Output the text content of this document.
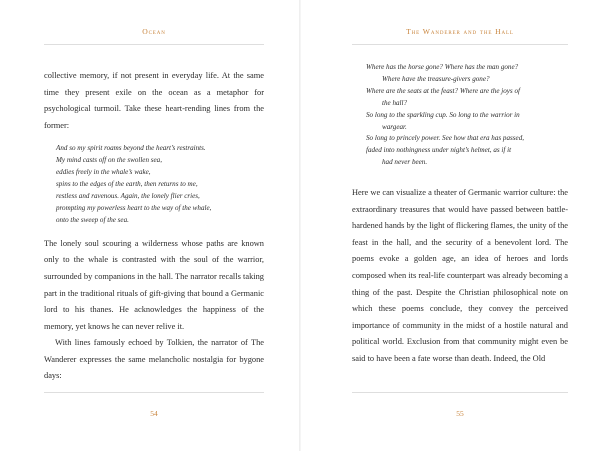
Ocean

collective memory, if not present in everyday life. At the same time they present exile on the ocean as a metaphor for psychological turmoil. Take these heart-rending lines from the former:

And so my spirit roams beyond the heart’s restraints.
My mind casts off on the swollen sea,
eddies freely in the whale’s wake,
spins to the edges of the earth, then returns to me,
restless and ravenous. Again, the lonely flier cries,
prompting my powerless heart to the way of the whale,
onto the sweep of the sea.

The lonely soul scouring a wilderness whose paths are known only to the whale is contrasted with the soul of the warrior, surrounded by companions in the hall. The narrator recalls taking part in the traditional rituals of gift-giving that bound a Germanic lord to his thanes. He acknowledges the happiness of the memory, yet knows he can never relive it.

With lines famously echoed by Tolkien, the narrator of The Wanderer expresses the same melancholic nostalgia for bygone days:

54
The Wanderer and the Hall
Where has the horse gone? Where has the man gone?
Where have the treasure-givers gone?
Where are the seats at the feast? Where are the joys of
the hall?
So long to the sparkling cup. So long to the warrior in
wargear.
So long to princely power. See how that era has passed,
faded into nothingness under night’s helmet, as if it
had never been.

Here we can visualize a theater of Germanic warrior culture: the extraordinary treasures that would have passed between battle-hardened hands by the light of flickering flames, the unity of the feast in the hall, and the security of a benevolent lord. The poems evoke a golden age, an idea of heroes and lords composed when its real-life counterpart was already becoming a thing of the past. Despite the Christian philosophical note on which these poems conclude, they convey the perceived importance of community in the midst of a hostile natural and political world. Exclusion from that community might even be said to have been a fate worse than death. Indeed, the Old

55
